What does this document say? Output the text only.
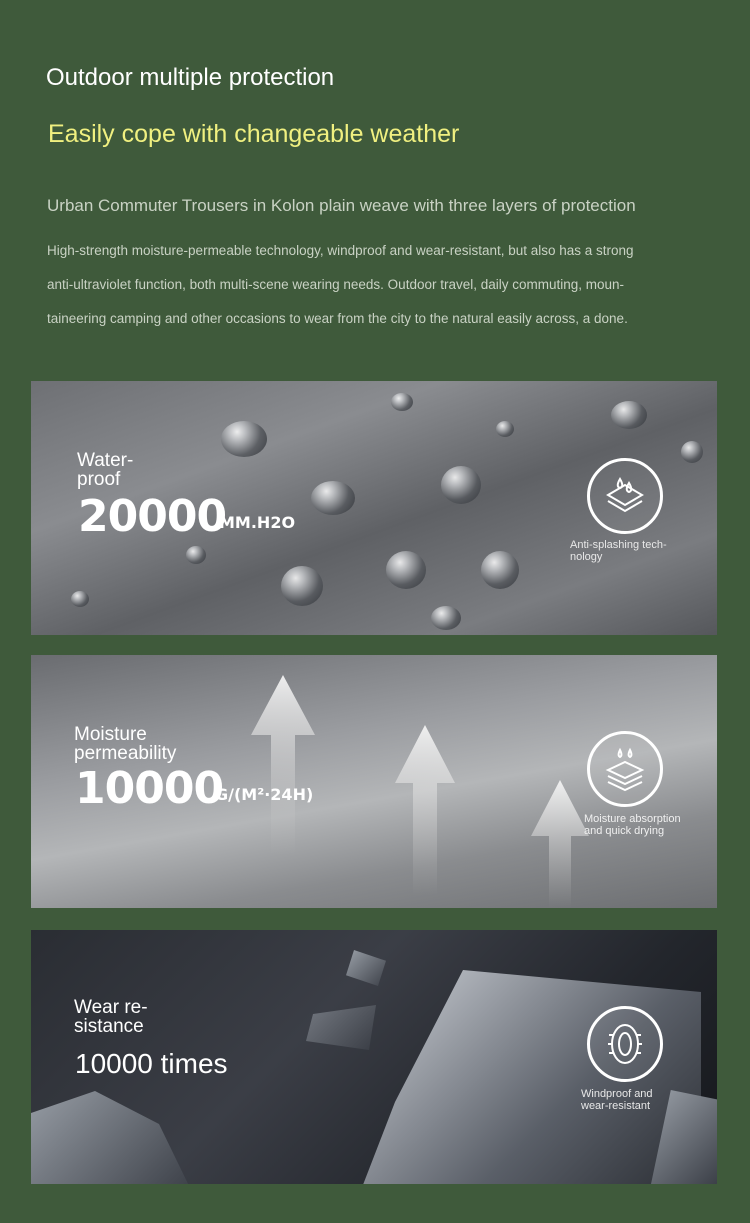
Outdoor multiple protection
Easily cope with changeable weather
Urban Commuter Trousers in Kolon plain weave with three layers of protection
High-strength moisture-permeable technology, windproof and wear-resistant, but also has a strong
anti-ultraviolet function, both multi-scene wearing needs. Outdoor travel, daily commuting, moun-
taineering camping and other occasions to wear from the city to the natural easily across, a done.
Water-
proof
20000
MM.H2O
Anti-splashing tech-
nology
Moisture
permeability
10000
G/(M²·24H)
Moisture absorption
and quick drying
Wear re-
sistance
10000 times
Windproof and
wear-resistant
